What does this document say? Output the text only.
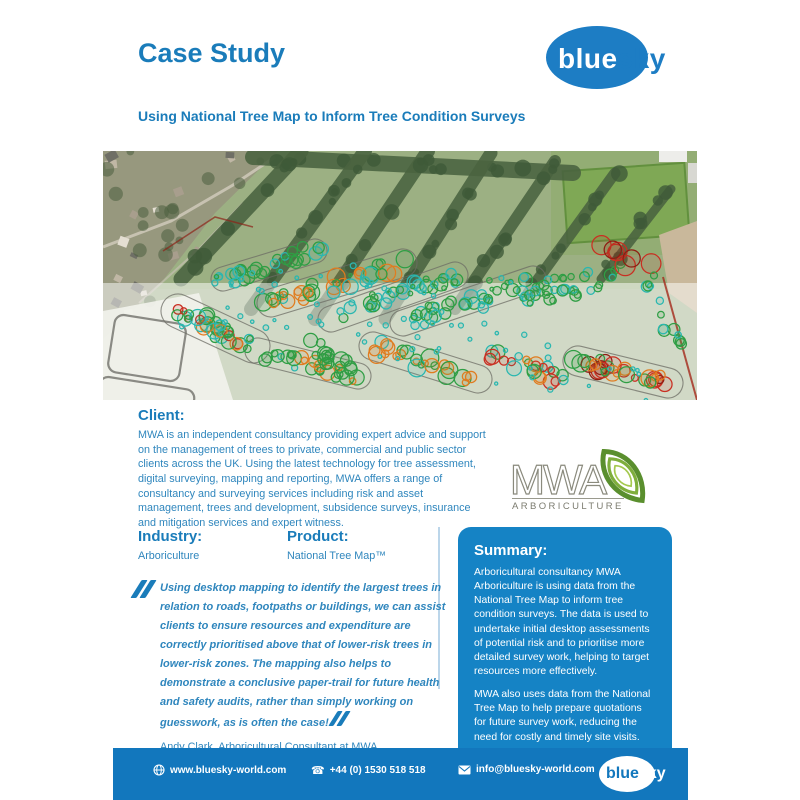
Case Study	bluesky
Using National Tree Map to Inform Tree Condition Surveys
Client:
MWA is an independent consultancy providing expert advice and support on the management of trees to private, commercial and public sector clients across the UK. Using the latest technology for tree assessment, digital surveying, mapping and reporting, MWA offers a range of consultancy and surveying services including risk and asset management, trees and development, subsidence surveys, insurance and mitigation services and expert witness.
MWA
ARBORICULTURE
Industry:
Arboriculture
Product:
National Tree Map™
Using desktop mapping to identify the largest trees in relation to roads, footpaths or buildings, we can assist clients to ensure resources and expenditure are correctly prioritised above that of lower-risk trees in lower-risk zones. The mapping also helps to demonstrate a conclusive paper-trail for future health and safety audits, rather than simply working on guesswork, as is often the case!
Summary:

Arboricultural consultancy MWA Arboriculture is using data from the National Tree Map to inform tree condition surveys. The data is used to undertake initial desktop assessments of potential risk and to prioritise more detailed survey work, helping to target resources more effectively.

MWA also uses data from the National Tree Map to help prepare quotations for future survey work, reducing the need for costly and timely site visits.

www.bluesky-world.com ☎ +44 (0) 1530 518 518	info@bluesky-world.com bluesky
